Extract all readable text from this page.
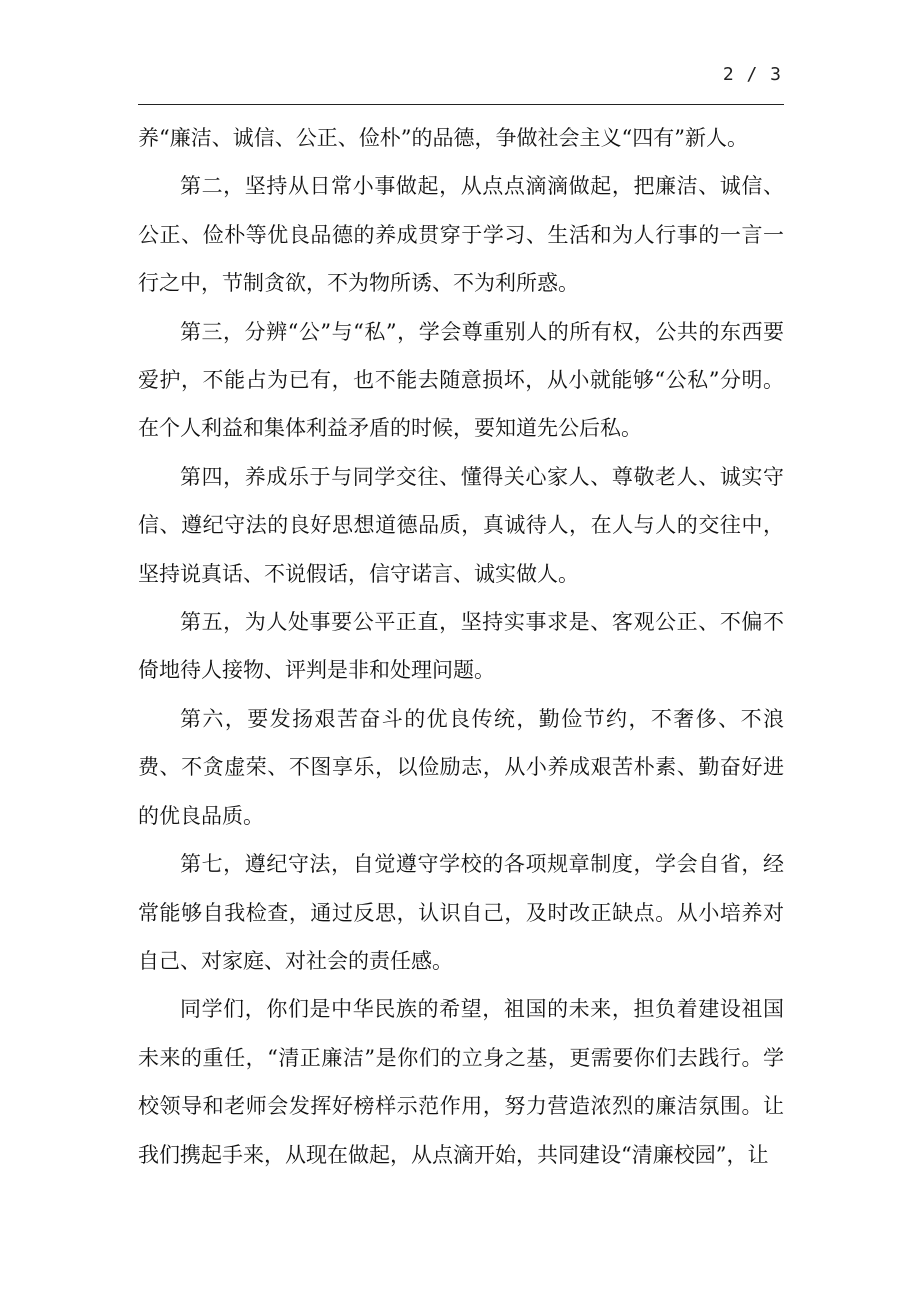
2 / 3

养“廉洁、诚信、公正、俭朴”的品德，争做社会主义“四有”新人。

第二，坚持从日常小事做起，从点点滴滴做起，把廉洁、诚信、公正、俭朴等优良品德的养成贯穿于学习、生活和为人行事的一言一行之中，节制贪欲，不为物所诱、不为利所惑。

第三，分辨“公”与“私”，学会尊重别人的所有权，公共的东西要爱护，不能占为已有，也不能去随意损坏，从小就能够“公私”分明。在个人利益和集体利益矛盾的时候，要知道先公后私。

第四，养成乐于与同学交往、懂得关心家人、尊敬老人、诚实守信、遵纪守法的良好思想道德品质，真诚待人，在人与人的交往中，坚持说真话、不说假话，信守诺言、诚实做人。

第五，为人处事要公平正直，坚持实事求是、客观公正、不偏不倚地待人接物、评判是非和处理问题。

第六，要发扬艰苦奋斗的优良传统，勤俭节约，不奢侈、不浪费、不贪虚荣、不图享乐，以俭励志，从小养成艰苦朴素、勤奋好进的优良品质。

第七，遵纪守法，自觉遵守学校的各项规章制度，学会自省，经常能够自我检查，通过反思，认识自己，及时改正缺点。从小培养对自己、对家庭、对社会的责任感。

同学们，你们是中华民族的希望，祖国的未来，担负着建设祖国未来的重任，“清正廉洁”是你们的立身之基，更需要你们去践行。学校领导和老师会发挥好榜样示范作用，努力营造浓烈的廉洁氛围。让我们携起手来，从现在做起，从点滴开始，共同建设“清廉校园”，让
